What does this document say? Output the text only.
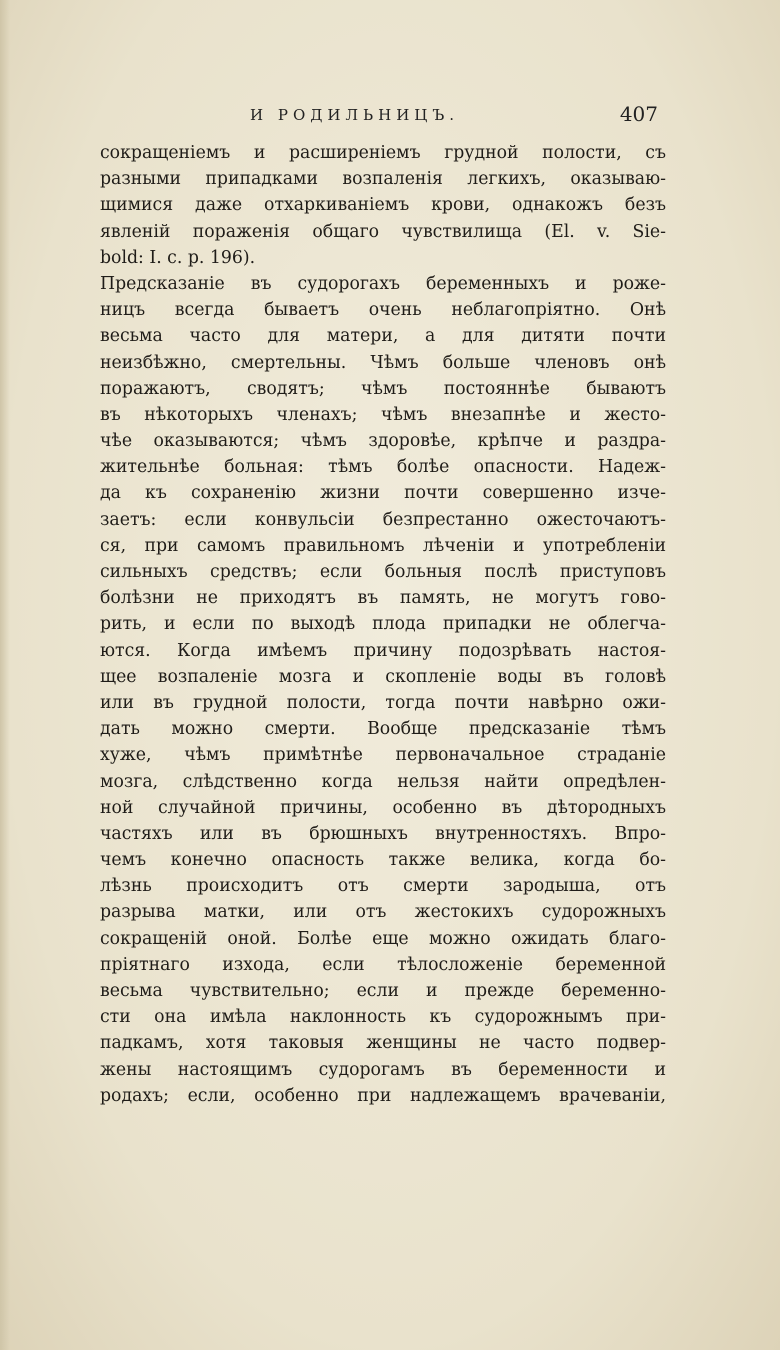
И РОДИЛЬНИЦЪ.	407
сокращенiемъ и расширенiемъ грудной полости, съ
разными припадками возпаленiя легкихъ, оказываю-
щимися даже отхаркиванiемъ крови, однакожъ безъ
явленiй пораженiя общаго чувствилища (El. v. Sie-
bold: I. c. p. 196).
Предсказанiе въ судорогахъ беременныхъ и роже-
ницъ всегда бываетъ очень неблагопрiятно. Онѣ
весьма часто для матери, а для дитяти почти
неизбѣжно, смертельны. Чѣмъ больше членовъ онѣ
поражаютъ, сводятъ; чѣмъ постояннѣе бываютъ
въ нѣкоторыхъ членахъ; чѣмъ внезапнѣе и жесто-
чѣе оказываются; чѣмъ здоровѣе, крѣпче и раздра-
жительнѣе больная: тѣмъ болѣе опасности. Надеж-
да къ сохраненiю жизни почти совершенно изче-
заетъ: если конвульсiи безпрестанно ожесточаютъ-
ся, при самомъ правильномъ лѣченiи и употребленiи
сильныхъ средствъ; если больныя послѣ приступовъ
болѣзни не приходятъ въ память, не могутъ гово-
рить, и если по выходѣ плода припадки не облегча-
ются. Когда имѣемъ причину подозрѣвать настоя-
щее возпаленiе мозга и скопленiе воды въ головѣ
или въ грудной полости, тогда почти навѣрно ожи-
дать можно смерти. Вообще предсказанiе тѣмъ
хуже, чѣмъ примѣтнѣе первоначальное страданiе
мозга, слѣдственно когда нельзя найти опредѣлен-
ной случайной причины, особенно въ дѣтородныхъ
частяхъ или въ брюшныхъ внутренностяхъ. Впро-
чемъ конечно опасность также велика, когда бо-
лѣзнь происходитъ отъ смерти зародыша, отъ
разрыва матки, или отъ жестокихъ судорожныхъ
сокращенiй оной. Болѣе еще можно ожидать благо-
прiятнаго изхода, если тѣлосложенiе беременной
весьма чувствительно; если и прежде беременно-
сти она имѣла наклонность къ судорожнымъ при-
падкамъ, хотя таковыя женщины не часто подвер-
жены настоящимъ судорогамъ въ беременности и
родахъ; если, особенно при надлежащемъ врачеванiи,
